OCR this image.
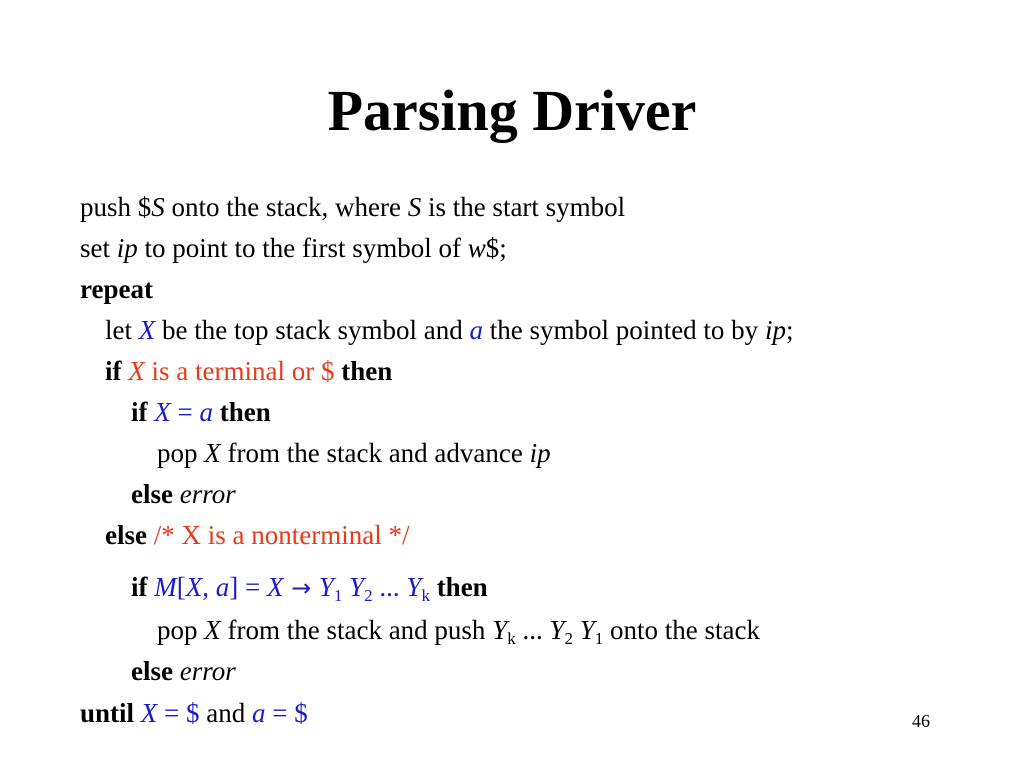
Parsing Driver
push $S onto the stack, where S is the start symbol
set ip to point to the first symbol of w$;
repeat
let X be the top stack symbol and a the symbol pointed to by ip;
if X is a terminal or $ then
if X = a then
pop X from the stack and advance ip
else error
else /* X is a nonterminal */
if M[X, $a] = X \to Y_1$ $Y_2$ ... $Y_k$ then
pop X from the stack and push $Y_k$ ... $Y_2$ $Y_1$ onto the stack
else error
until X = $ and a = $	46
